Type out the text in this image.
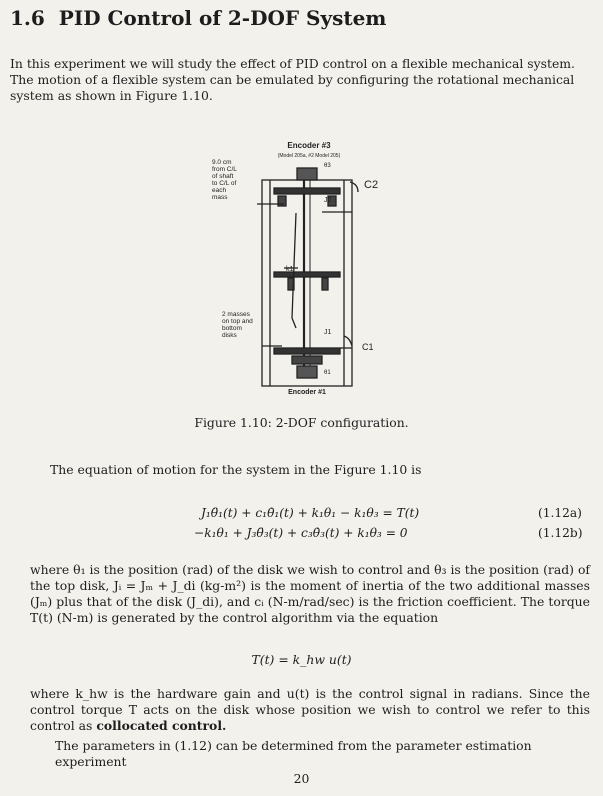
1.6 PID Control of 2-DOF System
In this experiment we will study the effect of PID control on a flexible mechanical system. The motion of a flexible system can be emulated by configuring the rotational mechanical system as shown in Figure 1.10.
Encoder #3
(Model 205a, #2 Model 205)
θ3
9.0 cm
from C/L
of shaft
to C/L of
each
mass	J2
C2
k1
2 masses
on top and
bottom
disks	J1
C1
θ1
Encoder #1
Figure 1.10: 2-DOF configuration.
The equation of motion for the system in the Figure 1.10 is
J₁θ̈₁(t) + c₁θ̇₁(t) + k₁θ₁ − k₁θ₃ = T(t)	(1.12a)
−k₁θ₁ + J₃θ̈₃(t) + c₃θ̇₃(t) + k₁θ₃ = 0	(1.12b)
where θ₁ is the position (rad) of the disk we wish to control and θ₃ is the position (rad) of the top disk, Jᵢ = Jₘ + J_di (kg-m²) is the moment of inertia of the two additional masses (Jₘ) plus that of the disk (J_di), and cᵢ (N-m/rad/sec) is the friction coefficient. The torque T(t) (N-m) is generated by the control algorithm via the equation
T(t) = k_hw u(t)
where k_hw is the hardware gain and u(t) is the control signal in radians. Since the control torque T acts on the disk whose position we wish to control we refer to this control as collocated control.
The parameters in (1.12) can be determined from the parameter estimation experiment
20
